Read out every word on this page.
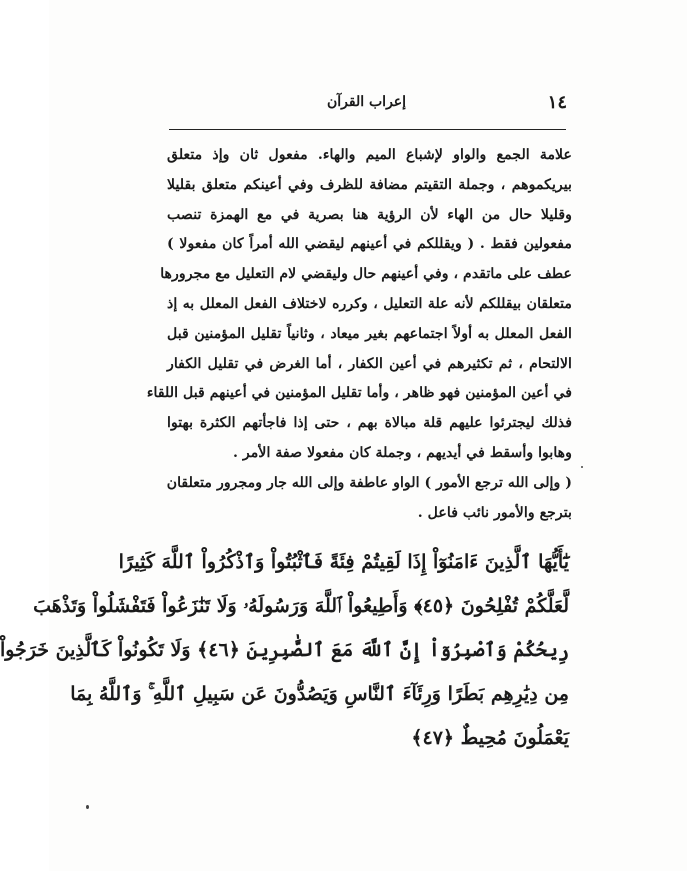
١٤
إعراب القرآن
علامة الجمع والواو لإشباع الميم والهاء. مفعول ثان وإذ متعلق
بيريكموهم ، وجملة التقيتم مضافة للظرف وفي أعينكم متعلق بقليلا
وقليلا حال من الهاء لأن الرؤية هنا بصرية في مع الهمزة تنصب
مفعولين فقط . ( ويقللكم في أعينهم ليقضي الله أمراً كان مفعولا )
عطف على ماتقدم ، وفي أعينهم حال وليقضي لام التعليل مع مجرورها
متعلقان بيقللكم لأنه علة التعليل ، وكرره لاختلاف الفعل المعلل به إذ
الفعل المعلل به أولاً اجتماعهم بغير ميعاد ، وثانياً تقليل المؤمنين قبل
الالتحام ، ثم تكثيرهم في أعين الكفار ، أما الغرض في تقليل الكفار
في أعين المؤمنين فهو ظاهر ، وأما تقليل المؤمنين في أعينهم قبل اللقاء
فذلك ليجترئوا عليهم قلة مبالاة بهم ، حتى إذا فاجأتهم الكثرة بهتوا
وهابوا وأسقط في أيديهم ، وجملة كان مفعولا صفة الأمر .
( وإلى الله ترجع الأمور ) الواو عاطفة وإلى الله جار ومجرور متعلقان
بترجع والأمور نائب فاعل .
يَٰٓأَيُّهَا ٱلَّذِينَ ءَامَنُوٓاْ إِذَا لَقِيتُمْ فِئَةً فَٱثْبُتُواْ وَٱذْكُرُواْ ٱللَّهَ كَثِيرًا
لَّعَلَّكُمْ تُفْلِحُونَ ﴿٤٥﴾ وَأَطِيعُواْ ٱللَّهَ وَرَسُولَهُۥ وَلَا تَنَٰزَعُواْ فَتَفْشَلُواْ وَتَذْهَبَ
رِيحُكُمْ وَٱصْبِرُوٓاْ إِنَّ ٱللَّهَ مَعَ ٱلصَّٰبِرِينَ ﴿٤٦﴾ وَلَا تَكُونُواْ كَٱلَّذِينَ خَرَجُواْ
مِن دِيَٰرِهِم بَطَرًا وَرِئَآءَ ٱلنَّاسِ وَيَصُدُّونَ عَن سَبِيلِ ٱللَّهِ ۚ وَٱللَّهُ بِمَا
يَعْمَلُونَ مُحِيطٌ ﴿٤٧﴾
